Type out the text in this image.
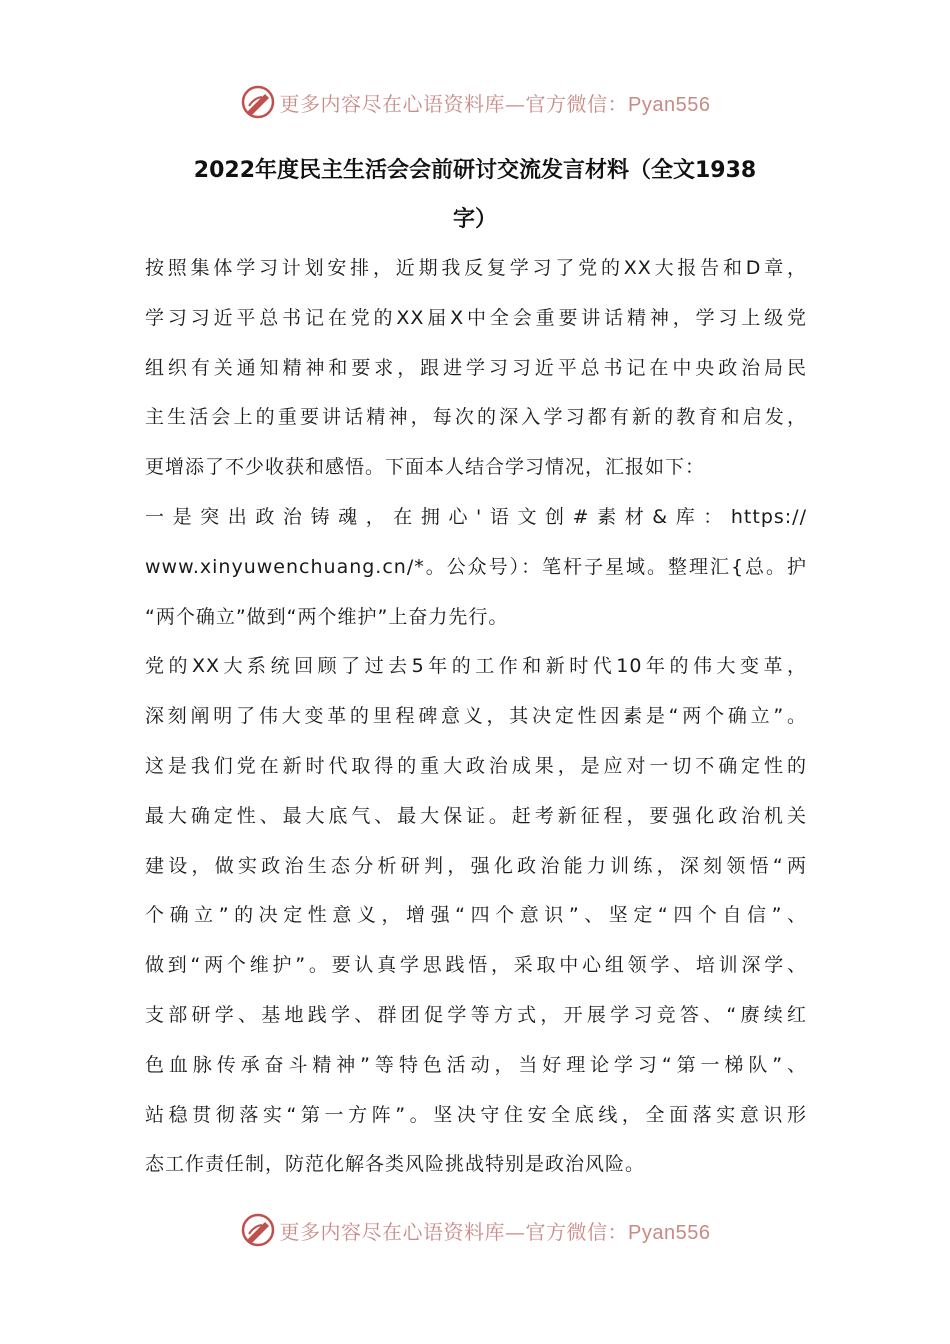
更多内容尽在心语资料库—官方微信：Pyan556
2022年度民主生活会会前研讨交流发言材料（全文1938
字）
按照集体学习计划安排，近期我反复学习了党的XX大报告和D章，
学习习近平总书记在党的XX届X中全会重要讲话精神，学习上级党
组织有关通知精神和要求，跟进学习习近平总书记在中央政治局民
主生活会上的重要讲话精神，每次的深入学习都有新的教育和启发，
更增添了不少收获和感悟。下面本人结合学习情况，汇报如下：
一是突出政治铸魂，在拥心'语文创#素材&库：https://
www.xinyuwenchuang.cn/*。公众号）：笔杆子星域。整理汇{总。护
“两个确立”做到“两个维护”上奋力先行。
党的XX大系统回顾了过去5年的工作和新时代10年的伟大变革，
深刻阐明了伟大变革的里程碑意义，其决定性因素是“两个确立”。
这是我们党在新时代取得的重大政治成果，是应对一切不确定性的
最大确定性、最大底气、最大保证。赶考新征程，要强化政治机关
建设，做实政治生态分析研判，强化政治能力训练，深刻领悟“两
个确立”的决定性意义，增强“四个意识”、坚定“四个自信”、
做到“两个维护”。要认真学思践悟，采取中心组领学、培训深学、
支部研学、基地践学、群团促学等方式，开展学习竞答、“赓续红
色血脉传承奋斗精神”等特色活动，当好理论学习“第一梯队”、
站稳贯彻落实“第一方阵”。坚决守住安全底线，全面落实意识形
态工作责任制，防范化解各类风险挑战特别是政治风险。
更多内容尽在心语资料库—官方微信：Pyan556
